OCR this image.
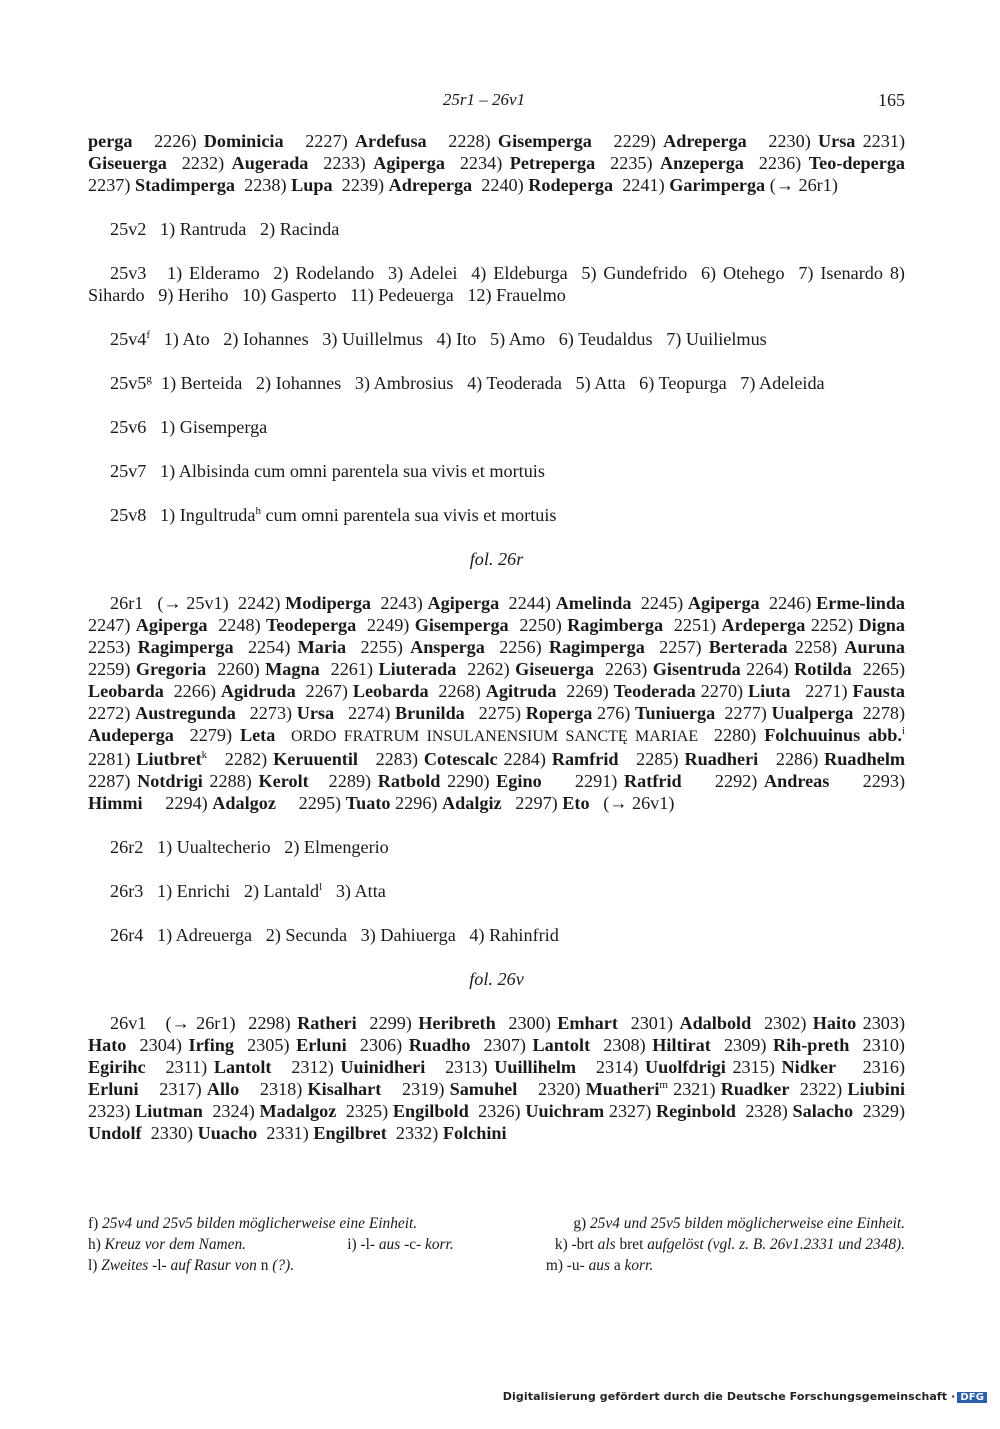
25r1 – 26v1	165

perga   2226) Dominicia   2227) Ardefusa   2228) Gisemperga   2229) Adreperga   2230) Ursa 2231) Giseuerga  2232) Augerada  2233) Agiperga  2234) Petreperga  2235) Anzeperga  2236) Teo-deperga  2237) Stadimperga  2238) Lupa  2239) Adreperga  2240) Rodeperga  2241) Garimperga (→ 26r1)

25v2   1) Rantruda   2) Racinda

25v3   1) Elderamo  2) Rodelando  3) Adelei  4) Eldeburga  5) Gundefrido  6) Otehego  7) Isenardo 8) Sihardo   9) Heriho   10) Gasperto   11) Pedeuerga   12) Frauelmo

25v4$^f$   1) Ato   2) Iohannes   3) Uuillelmus   4) Ito   5) Amo   6) Teudaldus   7) Uuilielmus

25v5$^g$  1) Berteida   2) Iohannes   3) Ambrosius   4) Teoderada   5) Atta   6) Teopurga   7) Adeleida

25v6   1) Gisemperga

25v7   1) Albisinda cum omni parentela sua vivis et mortuis

25v8   1) Ingultruda$^h$ cum omni parentela sua vivis et mortuis

fol. 26r

26r1   (→ 25v1)  2242) Modiperga  2243) Agiperga  2244) Amelinda  2245) Agiperga  2246) Erme-linda  2247) Agiperga  2248) Teodeperga  2249) Gisemperga  2250) Ragimberga  2251) Ardeperga 2252) Digna  2253) Ragimperga  2254) Maria  2255) Ansperga  2256) Ragimperga  2257) Berterada 2258) Auruna  2259) Gregoria  2260) Magna  2261) Liuterada  2262) Giseuerga  2263) Gisentruda 2264) Rotilda  2265) Leobarda  2266) Agidruda  2267) Leobarda  2268) Agitruda  2269) Teoderada 2270) Liuta   2271) Fausta   2272) Austregunda   2273) Ursa   2274) Brunilda   2275) Roperga 276) Tuniuerga  2277) Uualperga  2278) Audeperga  2279) Leta ORDO FRATRUM INSULANENSIUM SANCTĘ MARIAE  2280) Folchuuinus abb.$^i$   2281) Liutbret$^k$   2282) Keruuentil   2283) Cotescalc 2284) Ramfrid   2285) Ruadheri   2286) Ruadhelm   2287) Notdrigi 2288) Kerolt   2289) Ratbold 2290) Egino     2291) Ratfrid     2292) Andreas     2293) Himmi     2294) Adalgoz     2295) Tuato 2296) Adalgiz   2297) Eto   (→ 26v1)

26r2   1) Uualtecherio   2) Elmengerio

26r3   1) Enrichi   2) Lantald$^l$   3) Atta

26r4   1) Adreuerga   2) Secunda   3) Dahiuerga   4) Rahinfrid

fol. 26v

26v1   (→ 26r1)  2298) Ratheri  2299) Heribreth  2300) Emhart  2301) Adalbold  2302) Haito 2303) Hato  2304) Irfing  2305) Erluni  2306) Ruadho  2307) Lantolt  2308) Hiltirat  2309) Rih-preth  2310) Egirihc   2311) Lantolt   2312) Uuinidheri   2313) Uuillihelm   2314) Uuolfdrigi 2315) Nidker    2316) Erluni    2317) Allo    2318) Kisalhart    2319) Samuhel    2320) Muatheri$^m$ 2321) Ruadker  2322) Liubini  2323) Liutman  2324) Madalgoz  2325) Engilbold  2326) Uuichram 2327) Reginbold  2328) Salacho  2329) Undolf  2330) Uuacho  2331) Engilbret  2332) Folchini

f) 25v4 und 25v5 bilden möglicherweise eine Einheit.	g) 25v4 und 25v5 bilden möglicherweise eine Einheit.
h) Kreuz vor dem Namen.	i) -l- aus -c- korr.	k) -brt als bret aufgelöst (vgl. z. B. 26v1.2331 und 2348).
l) Zweites -l- auf Rasur von n (?).	m) -u- aus a korr.
Digitalisierung gefördert durch die Deutsche Forschungsgemeinschaft · DFG
